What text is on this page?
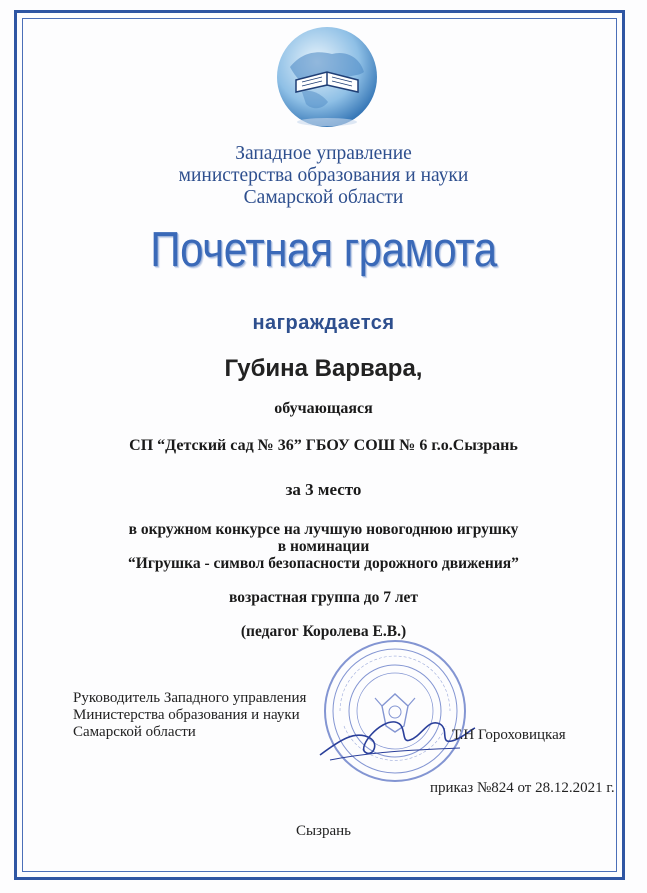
Западное управление
министерства образования и науки
Самарской области
Почетная грамота
награждается
Губина Варвара,
обучающаяся
СП “Детский сад № 36” ГБОУ СОШ № 6 г.о.Сызрань
за 3 место
в окружном конкурсе на лучшую новогоднюю игрушку
в номинации
“Игрушка - символ безопасности дорожного движения”
возрастная группа до 7 лет
(педагог Королева Е.В.)
Руководитель Западного управления
Министерства образования и науки
Самарской области	Т.Н Гороховицкая
приказ №824 от 28.12.2021 г.
Сызрань
